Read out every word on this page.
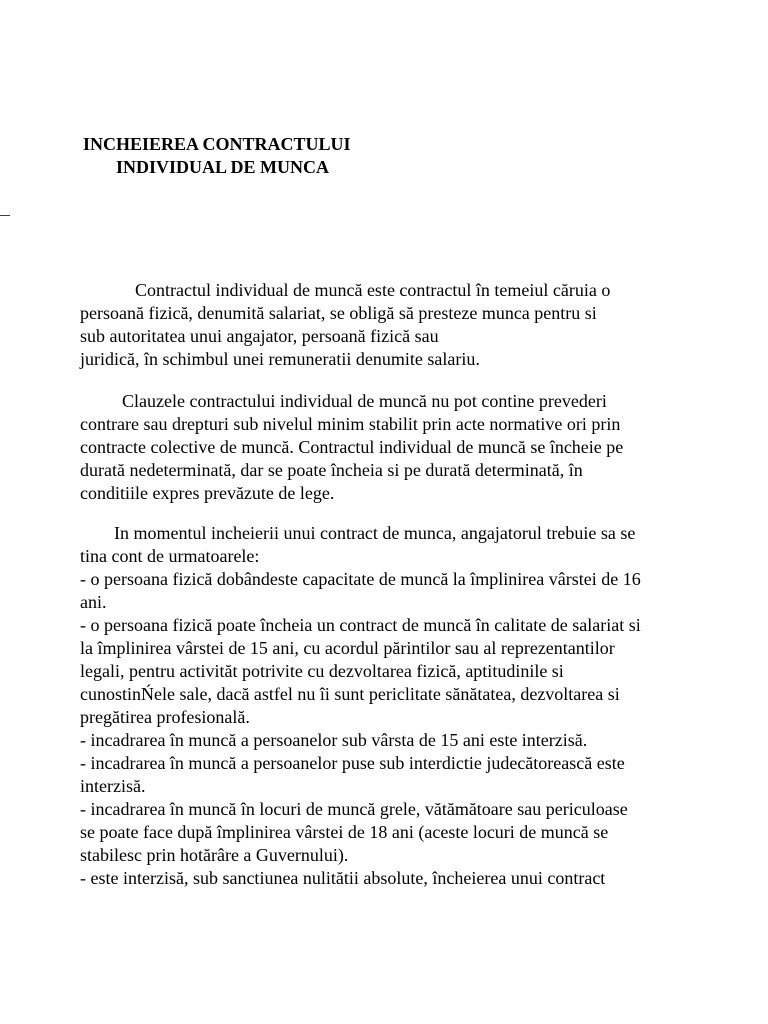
INCHEIEREA CONTRACTULUI
INDIVIDUAL DE MUNCA
Contractul individual de muncă este contractul în temeiul căruia o
persoană fizică, denumită salariat, se obligă să presteze munca pentru si
sub autoritatea unui angajator, persoană fizică sau
juridică, în schimbul unei remuneratii denumite salariu.
Clauzele contractului individual de muncă nu pot contine prevederi
contrare sau drepturi sub nivelul minim stabilit prin acte normative ori prin
contracte colective de muncă. Contractul individual de muncă se încheie pe
durată nedeterminată, dar se poate încheia si pe durată determinată, în
conditiile expres prevăzute de lege.
In momentul incheierii unui contract de munca, angajatorul trebuie sa se
tina cont de urmatoarele:
- o persoana fizică dobândeste capacitate de muncă la împlinirea vârstei de 16
ani.
- o persoana fizică poate încheia un contract de muncă în calitate de salariat si
la împlinirea vârstei de 15 ani, cu acordul părintilor sau al reprezentantilor
legali, pentru activităt potrivite cu dezvoltarea fizică, aptitudinile si
cunostinŃele sale, dacă astfel nu îi sunt periclitate sănătatea, dezvoltarea si
pregătirea profesională.
- incadrarea în muncă a persoanelor sub vârsta de 15 ani este interzisă.
- incadrarea în muncă a persoanelor puse sub interdictie judecătorească este
interzisă.
- incadrarea în muncă în locuri de muncă grele, vătămătoare sau periculoase
se poate face după împlinirea vârstei de 18 ani (aceste locuri de muncă se
stabilesc prin hotărâre a Guvernului).
- este interzisă, sub sanctiunea nulitătii absolute, încheierea unui contract
